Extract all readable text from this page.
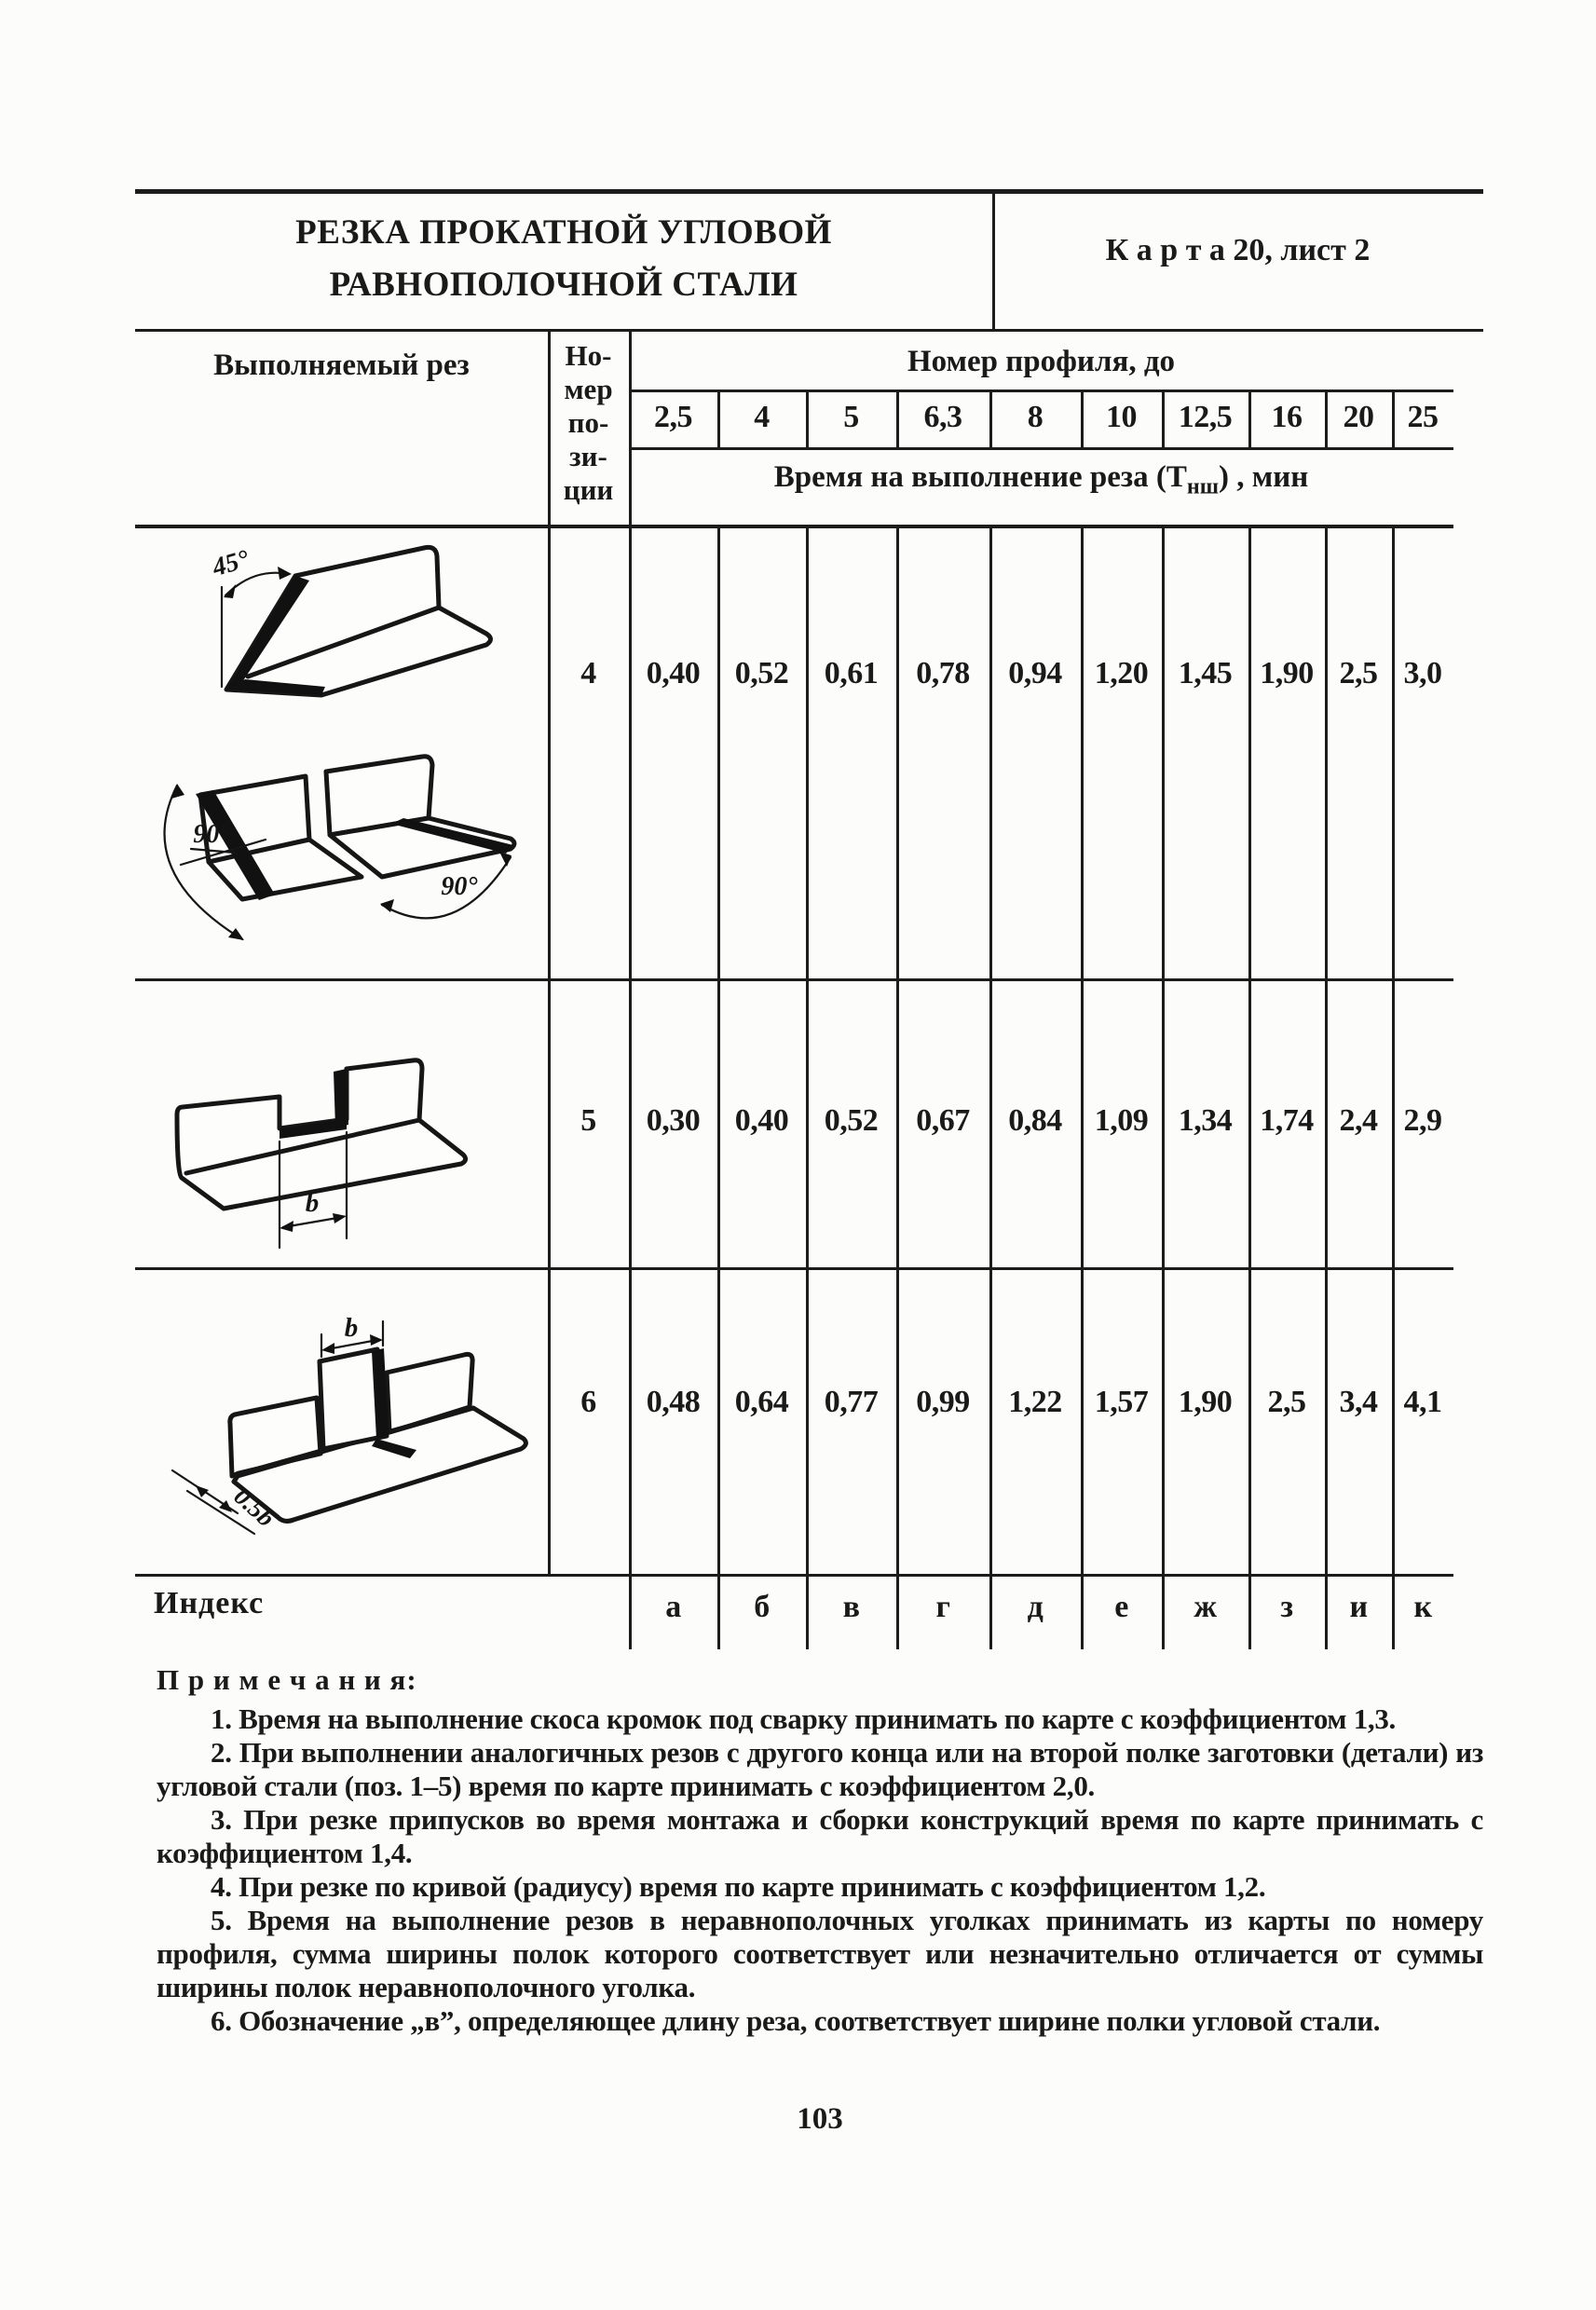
РЕЗКА ПРОКАТНОЙ УГЛОВОЙ
РАВНОПОЛОЧНОЙ СТАЛИ
К а р т а 20, лист 2
Выполняемый рез	Но-
мер
по-
зи-
ции
Номер профиля, до
2,5	4	5	6,3	8	10	12,5	16	20	25
Время на выполнение реза $(Т_{нш})$ , мин
4	0,40	0,52	0,61	0,78	0,94	1,20 1,45 1,90 2,5 3,0
5	0,30	0,40	0,52	0,67	0,84	1,09 1,34 1,74 2,4 2,9
6	0,48	0,64	0,77	0,99	1,22	1,57 1,90	2,5	3,4 4,1
Индекс	а	б	в	г	д	е	ж	з	и	к
45°
90°
90°
b
b
0.5b
П р и м е ч а н и я:

1. Время на выполнение скоса кромок под сварку принимать по карте с коэффициентом 1,3.

2. При выполнении аналогичных резов с другого конца или на второй полке заготовки (детали) из угловой стали (поз. 1–5) время по карте принимать с коэффициентом 2,0.

3. При резке припусков во время монтажа и сборки конструкций время по карте принимать с коэффициентом 1,4.

4. При резке по кривой (радиусу) время по карте принимать с коэффициентом 1,2.

5. Время на выполнение резов в неравнополочных уголках принимать из карты по номеру профиля, сумма ширины полок которого соответствует или незначительно отличается от суммы ширины полок неравнополочного уголка.

6. Обозначение „в”, определяющее длину реза, соответствует ширине полки угловой стали.

103
